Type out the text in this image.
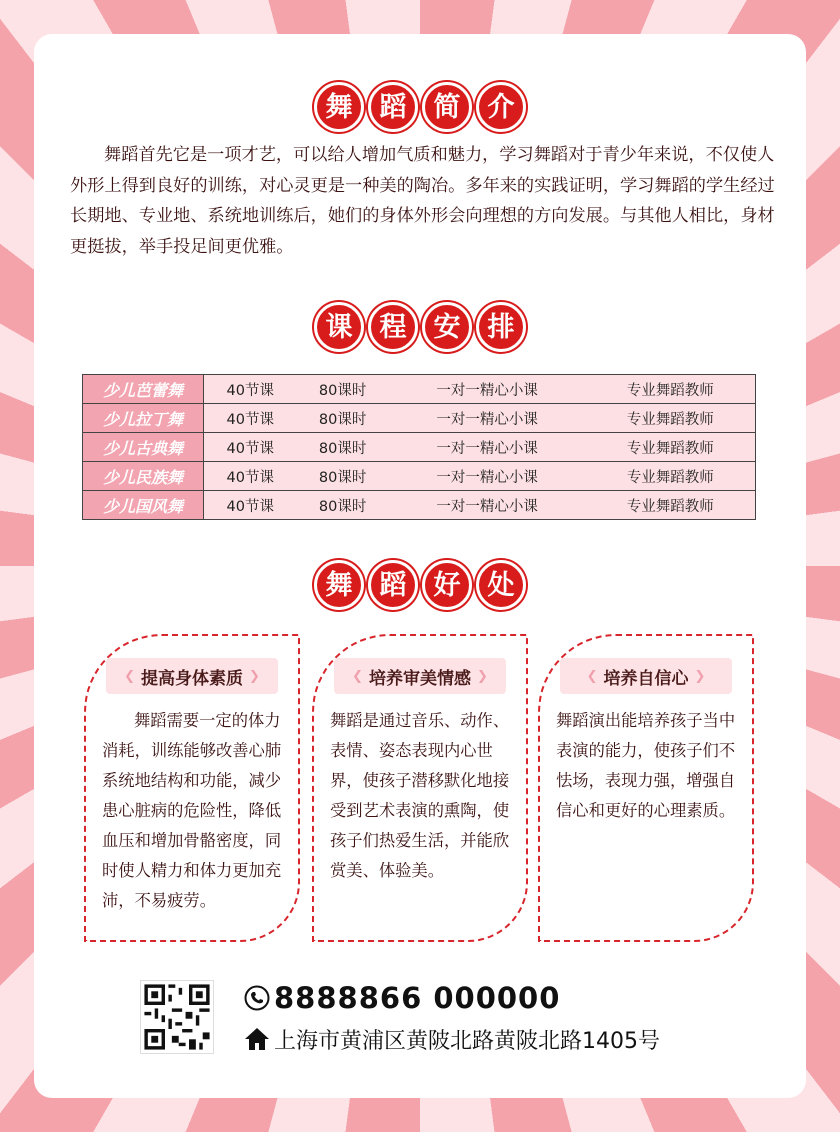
舞	蹈	简	介

舞蹈首先它是一项才艺，可以给人增加气质和魅力，学习舞蹈对于青少年来说，不仅使人外形上得到良好的训练，对心灵更是一种美的陶冶。多年来的实践证明，学习舞蹈的学生经过长期地、专业地、系统地训练后，她们的身体外形会向理想的方向发展。与其他人相比，身材更挺拔，举手投足间更优雅。

课	程	安	排
少儿芭蕾舞	40节课	80课时	一对一精心小课	专业舞蹈教师
少儿拉丁舞	40节课	80课时	一对一精心小课	专业舞蹈教师
少儿古典舞	40节课	80课时	一对一精心小课	专业舞蹈教师
少儿民族舞	40节课	80课时	一对一精心小课	专业舞蹈教师
少儿国风舞	40节课	80课时	一对一精心小课	专业舞蹈教师
舞	蹈	好	处
❮ 提高身体素质 ❯

舞蹈需要一定的体力消耗，训练能够改善心肺系统地结构和功能，减少患心脏病的危险性，降低血压和增加骨骼密度，同时使人精力和体力更加充沛，不易疲劳。

❮ 培养审美情感 ❯

舞蹈是通过音乐、动作、表情、姿态表现内心世界，使孩子潜移默化地接受到艺术表演的熏陶，使孩子们热爱生活，并能欣赏美、体验美。

❮ 培养自信心 ❯

舞蹈演出能培养孩子当中表演的能力，使孩子们不怯场，表现力强，增强自信心和更好的心理素质。

8888866 000000
上海市黄浦区黄陂北路黄陂北路1405号
